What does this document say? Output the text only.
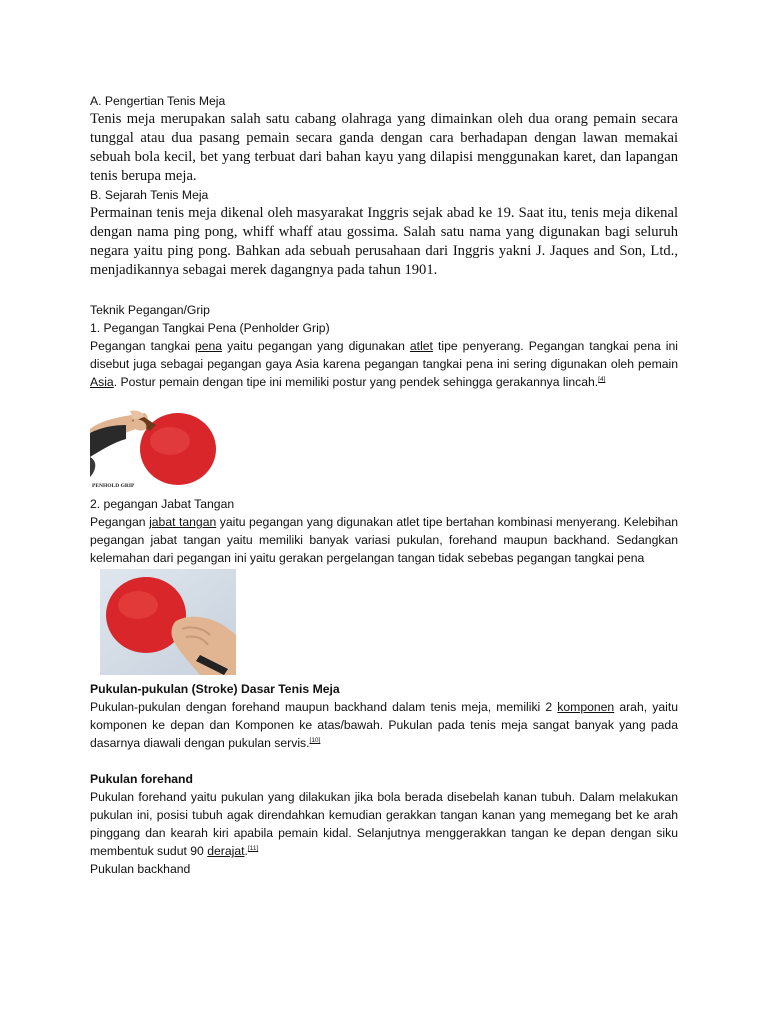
A. Pengertian Tenis Meja

Tenis meja merupakan salah satu cabang olahraga yang dimainkan oleh dua orang pemain secara tunggal atau dua pasang pemain secara ganda dengan cara berhadapan dengan lawan memakai sebuah bola kecil, bet yang terbuat dari bahan kayu yang dilapisi menggunakan karet, dan lapangan tenis berupa meja.

B. Sejarah Tenis Meja

Permainan tenis meja dikenal oleh masyarakat Inggris sejak abad ke 19. Saat itu, tenis meja dikenal dengan nama ping pong, whiff whaff atau gossima. Salah satu nama yang digunakan bagi seluruh negara yaitu ping pong. Bahkan ada sebuah perusahaan dari Inggris yakni J. Jaques and Son, Ltd., menjadikannya sebagai merek dagangnya pada tahun 1901.

Teknik Pegangan/Grip

1. Pegangan Tangkai Pena (Penholder Grip)

Pegangan tangkai pena yaitu pegangan yang digunakan atlet tipe penyerang. Pegangan tangkai pena ini disebut juga sebagai pegangan gaya Asia karena pegangan tangkai pena ini sering digunakan oleh pemain Asia. Postur pemain dengan tipe ini memiliki postur yang pendek sehingga gerakannya lincah.[4]

PENHOLD GRIP

2. pegangan Jabat Tangan

Pegangan jabat tangan yaitu pegangan yang digunakan atlet tipe bertahan kombinasi menyerang. Kelebihan pegangan jabat tangan yaitu memiliki banyak variasi pukulan, forehand maupun backhand. Sedangkan kelemahan dari pegangan ini yaitu gerakan pergelangan tangan tidak sebebas pegangan tangkai pena

Pukulan-pukulan (Stroke) Dasar Tenis Meja

Pukulan-pukulan dengan forehand maupun backhand dalam tenis meja, memiliki 2 komponen arah, yaitu komponen ke depan dan Komponen ke atas/bawah. Pukulan pada tenis meja sangat banyak yang pada dasarnya diawali dengan pukulan servis.[10]

Pukulan forehand

Pukulan forehand yaitu pukulan yang dilakukan jika bola berada disebelah kanan tubuh. Dalam melakukan pukulan ini, posisi tubuh agak direndahkan kemudian gerakkan tangan kanan yang memegang bet ke arah pinggang dan kearah kiri apabila pemain kidal. Selanjutnya menggerakkan tangan ke depan dengan siku membentuk sudut 90 derajat.[11]

Pukulan backhand
